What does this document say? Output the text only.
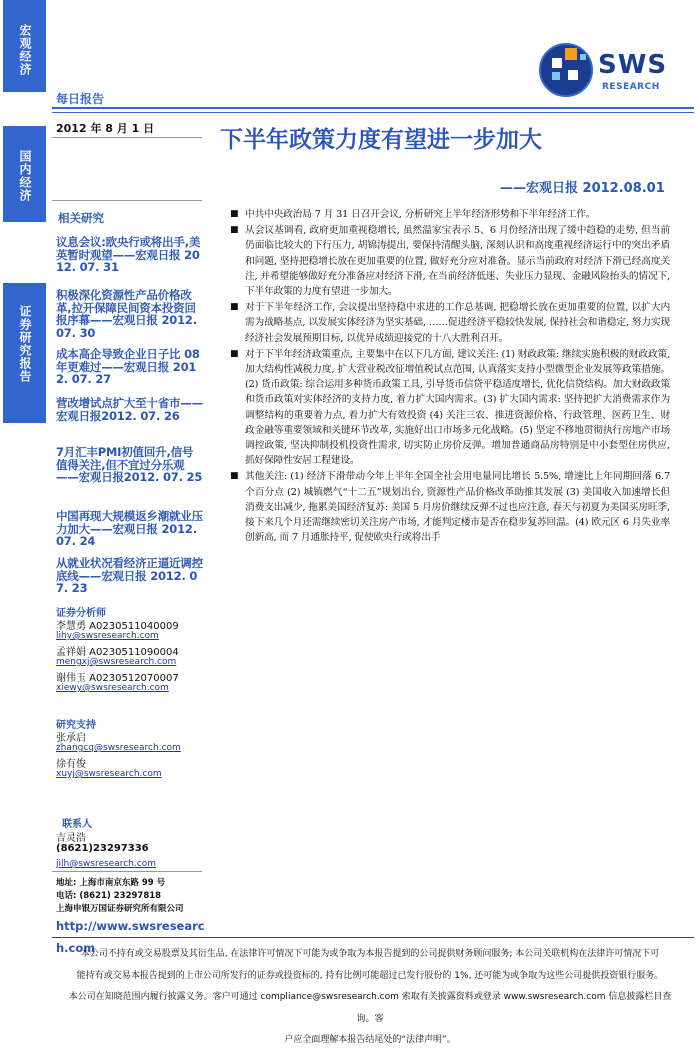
宏观经济
国内经济
证券研究报告
SWS
RESEARCH
每日报告
2012 年 8 月 1 日	下半年政策力度有望进一步加大
——宏观日报 2012.08.01
相关研究
议息会议:欧央行或将出手,美英暂时观望——宏观日报 2012. 07. 31
积极深化资源性产品价格改革,拉开保障民间资本投资回报序幕——宏观日报 2012. 07. 30
成本高企导致企业日子比 08 年更难过——宏观日报 2012. 07. 27
营改增试点扩大至十省市——宏观日报2012. 07. 26
7月汇丰PMI初值回升,信号值得关注,但不宜过分乐观——宏观日报2012. 07. 25
中国再现大规模返乡潮就业压力加大——宏观日报 2012. 07. 24
从就业状况看经济正逼近调控底线——宏观日报 2012. 07. 23
证券分析师
李慧勇 A0230511040009
lihy@swsresearch.com
孟祥娟 A0230511090004
mengxj@swsresearch.com
谢伟玉 A0230512070007
xiewy@swsresearch.com
研究支持
张承启
zhangcq@swsresearch.com
徐有俊
xuyj@swsresearch.com
联系人
吉灵浩
(8621)23297336
jilh@swsresearch.com
地址: 上海市南京东路 99 号
电话: (8621) 23297818
上海申银万国证券研究所有限公司
http://www.swsresearch.com

■ 中共中央政治局 7 月 31 日召开会议, 分析研究上半年经济形势和下半年经济工作。

■ 从会议基调看, 政府更加重视稳增长, 虽然温家宝表示 5、6 月份经济出现了缓中趋稳的走势, 但当前仍面临比较大的下行压力, 胡锦涛提出, 要保持清醒头脑, 深刻认识和高度重视经济运行中的突出矛盾和问题, 坚持把稳增长放在更加重要的位置, 做好充分应对准备。显示当前政府对经济下滑已经高度关注, 并希望能够做好充分准备应对经济下滑, 在当前经济低迷、失业压力显现、金融风险抬头的情况下, 下半年政策的力度有望进一步加大。

■ 对于下半年经济工作, 会议提出坚持稳中求进的工作总基调, 把稳增长放在更加重要的位置, 以扩大内需为战略基点, 以发展实体经济为坚实基础, ……促进经济平稳较快发展, 保持社会和谐稳定, 努力实现经济社会发展预期目标, 以优异成绩迎接党的十八大胜利召开。

■ 对于下半年经济政策重点, 主要集中在以下几方面, 建议关注: (1) 财政政策: 继续实施积极的财政政策, 加大结构性减税力度, 扩大营业税改征增值税试点范围, 认真落实支持小型微型企业发展等政策措施。(2) 货币政策: 综合运用多种货币政策工具, 引导货币信贷平稳适度增长, 优化信贷结构。加大财政政策和货币政策对实体经济的支持力度, 着力扩大国内需求。(3) 扩大国内需求: 坚持把扩大消费需求作为调整结构的重要着力点, 着力扩大有效投资 (4) 关注三农、推进资源价格、行政管理、医药卫生、财政金融等重要领域和关键环节改革, 实施好出口市场多元化战略。(5) 坚定不移地贯彻执行房地产市场调控政策, 坚决抑制投机投资性需求, 切实防止房价反弹。增加普通商品房特别是中小套型住房供应, 抓好保障性安居工程建设。

■ 其他关注: (1) 经济下滑带动今年上半年全国全社会用电量同比增长 5.5%, 增速比上年同期回落 6.7 个百分点 (2) 城镇燃气“十二五”规划出台, 资源性产品价格改革助推其发展 (3) 美国收入加速增长但消费支出减少, 拖累美国经济复苏: 美国 5 月房价继续反弹不过也应注意, 春天与初夏为美国买房旺季, 接下来几个月还需继续密切关注房产市场, 才能判定楼市是否在稳步复苏回温。(4) 欧元区 6 月失业率创新高, 而 7 月通胀持平, 促使欧央行或将出手

本公司不持有或交易股票及其衍生品, 在法律许可情况下可能为或争取为本报告提到的公司提供财务顾问服务; 本公司关联机构在法律许可情况下可
能持有或交易本报告提到的上市公司所发行的证券或投资标的, 持有比例可能超过已发行股份的 1%, 还可能为或争取为这些公司提供投资银行服务。
本公司在知晓范围内履行披露义务。客户可通过 compliance@swsresearch.com 索取有关披露资料或登录 www.swsresearch.com 信息披露栏目查询。客
户应全面理解本报告结尾处的“法律声明”。
